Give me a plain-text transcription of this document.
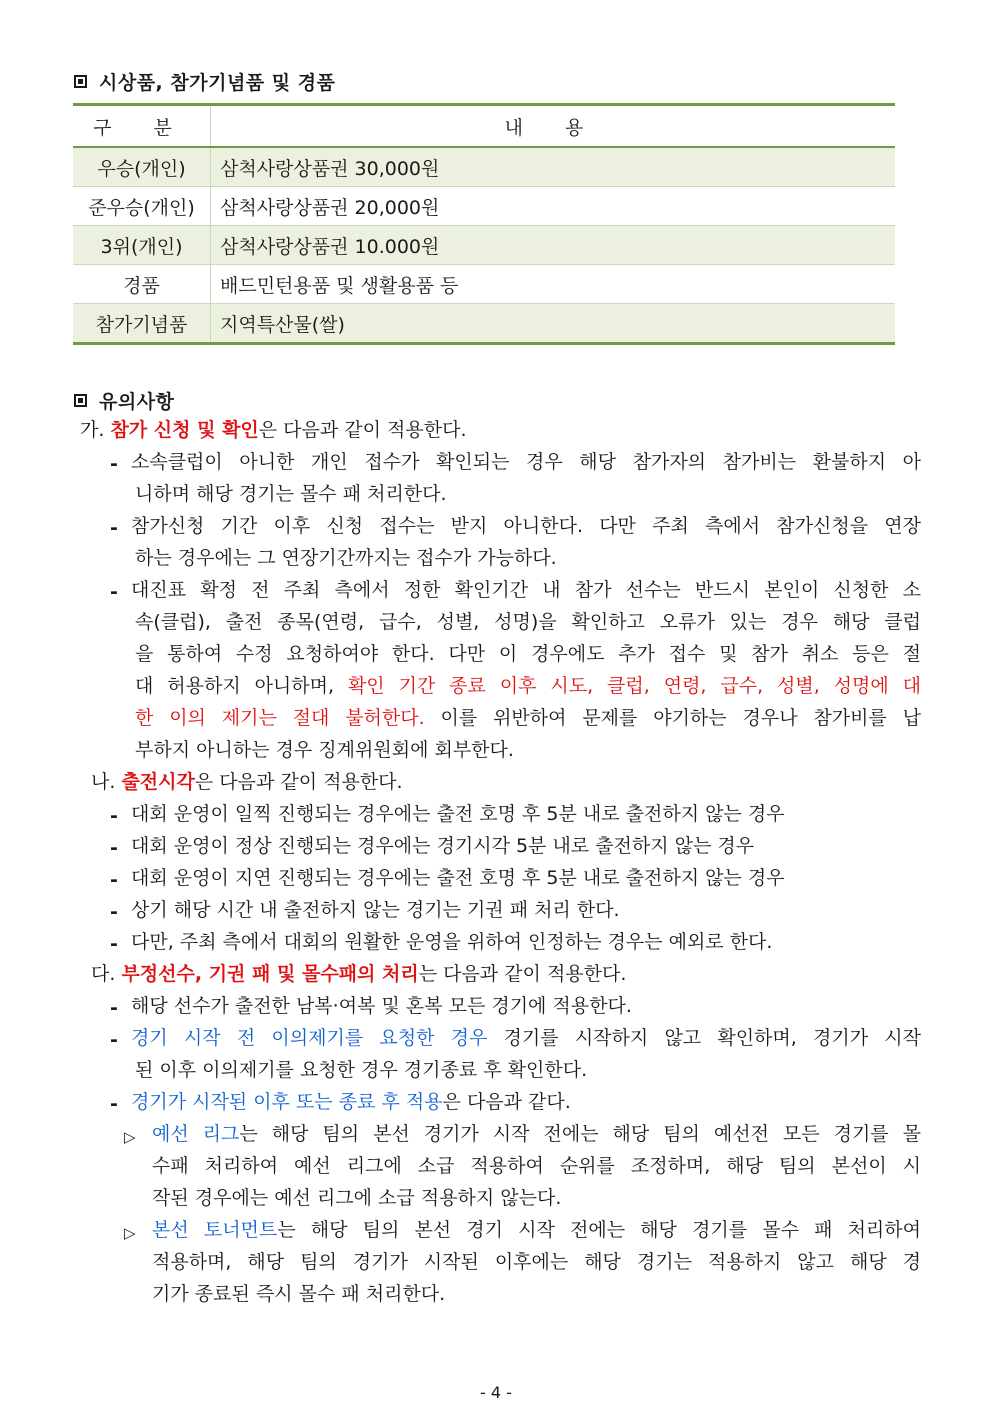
시상품, 참가기념품 및 경품
구 분	내 용
우승(개인)	삼척사랑상품권 30,000원
준우승(개인)	삼척사랑상품권 20,000원
3위(개인)	삼척사랑상품권 10.000원
경품	배드민턴용품 및 생활용품 등
참가기념품	지역특산물(쌀)
유의사항
가. 참가 신청 및 확인은 다음과 같이 적용한다.
- 소속클럽이 아니한 개인 접수가 확인되는 경우 해당 참가자의 참가비는 환불하지 아
니하며 해당 경기는 몰수 패 처리한다.
- 참가신청 기간 이후 신청 접수는 받지 아니한다. 다만 주최 측에서 참가신청을 연장
하는 경우에는 그 연장기간까지는 접수가 가능하다.
- 대진표 확정 전 주최 측에서 정한 확인기간 내 참가 선수는 반드시 본인이 신청한 소
속(클럽), 출전 종목(연령, 급수, 성별, 성명)을 확인하고 오류가 있는 경우 해당 클럽
을 통하여 수정 요청하여야 한다. 다만 이 경우에도 추가 접수 및 참가 취소 등은 절
대 허용하지 아니하며, 확인 기간 종료 이후 시도, 클럽, 연령, 급수, 성별, 성명에 대
한 이의 제기는 절대 불허한다. 이를 위반하여 문제를 야기하는 경우나 참가비를 납
부하지 아니하는 경우 징계위원회에 회부한다.
나. 출전시각은 다음과 같이 적용한다.
- 대회 운영이 일찍 진행되는 경우에는 출전 호명 후 5분 내로 출전하지 않는 경우
- 대회 운영이 정상 진행되는 경우에는 경기시각 5분 내로 출전하지 않는 경우
- 대회 운영이 지연 진행되는 경우에는 출전 호명 후 5분 내로 출전하지 않는 경우
- 상기 해당 시간 내 출전하지 않는 경기는 기권 패 처리 한다.
- 다만, 주최 측에서 대회의 원활한 운영을 위하여 인정하는 경우는 예외로 한다.
다. 부정선수, 기권 패 및 몰수패의 처리는 다음과 같이 적용한다.
- 해당 선수가 출전한 남복·여복 및 혼복 모든 경기에 적용한다.
- 경기 시작 전 이의제기를 요청한 경우 경기를 시작하지 않고 확인하며, 경기가 시작
된 이후 이의제기를 요청한 경우 경기종료 후 확인한다.
- 경기가 시작된 이후 또는 종료 후 적용은 다음과 같다.
▷ 예선 리그는 해당 팀의 본선 경기가 시작 전에는 해당 팀의 예선전 모든 경기를 몰
수패 처리하여 예선 리그에 소급 적용하여 순위를 조정하며, 해당 팀의 본선이 시
작된 경우에는 예선 리그에 소급 적용하지 않는다.
▷ 본선 토너먼트는 해당 팀의 본선 경기 시작 전에는 해당 경기를 몰수 패 처리하여
적용하며, 해당 팀의 경기가 시작된 이후에는 해당 경기는 적용하지 않고 해당 경
기가 종료된 즉시 몰수 패 처리한다.
- 4 -
